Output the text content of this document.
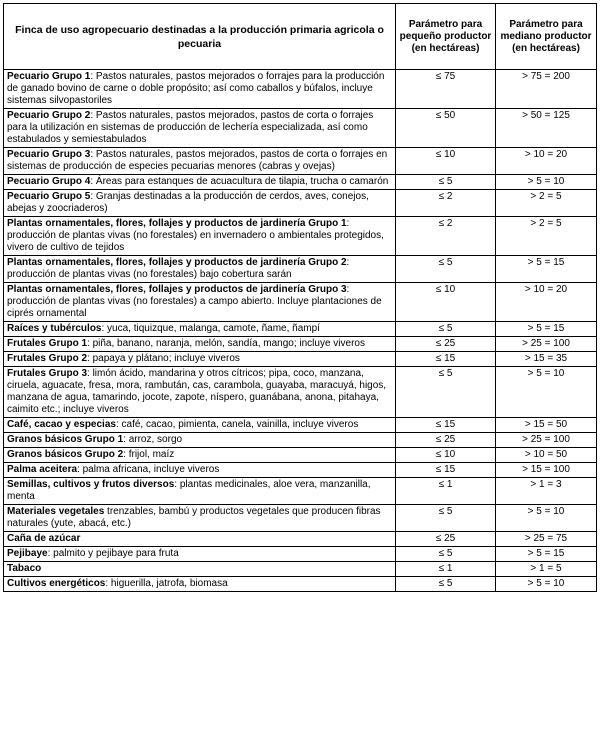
Finca de uso agropecuario destinadas a la producción primaria agricola o pecuaria	Parámetro para pequeño productor (en hectáreas)	Parámetro para mediano productor (en hectáreas)
Pecuario Grupo 1: Pastos naturales, pastos mejorados o forrajes para la producción de ganado bovino de carne o doble propósito; así como caballos y búfalos, incluye sistemas silvopastoriles	≤ 75	> 75 = 200
Pecuario Grupo 2: Pastos naturales, pastos mejorados, pastos de corta o forrajes para la utilización en sistemas de producción de lechería especializada, así como estabulados y semiestabulados	≤ 50	> 50 = 125
Pecuario Grupo 3: Pastos naturales, pastos mejorados, pastos de corta o forrajes en sistemas de producción de especies pecuarias menores (cabras y ovejas)	≤ 10	> 10 = 20
Pecuario Grupo 4: Áreas para estanques de acuacultura de tilapia, trucha o camarón	≤ 5	> 5 = 10
Pecuario Grupo 5: Granjas destinadas a la producción de cerdos, aves, conejos, abejas y zoocriaderos)	≤ 2	> 2 = 5
Plantas ornamentales, flores, follajes y productos de jardinería Grupo 1: producción de plantas vivas (no forestales) en invernadero o ambientales protegidos, vivero de cultivo de tejidos	≤ 2	> 2 = 5
Plantas ornamentales, flores, follajes y productos de jardinería Grupo 2: producción de plantas vivas (no forestales) bajo cobertura sarán	≤ 5	> 5 = 15
Plantas ornamentales, flores, follajes y productos de jardinería Grupo 3: producción de plantas vivas (no forestales) a campo abierto. Incluye plantaciones de ciprés ornamental	≤ 10	> 10 = 20
Raíces y tubérculos: yuca, tiquizque, malanga, camote, ñame, ñampí	≤ 5	> 5 = 15
Frutales Grupo 1: piña, banano, naranja, melón, sandía, mango; incluye viveros	≤ 25	> 25 = 100
Frutales Grupo 2: papaya y plátano; incluye viveros	≤ 15	> 15 = 35
Frutales Grupo 3: limón ácido, mandarina y otros cítricos; pipa, coco, manzana, ciruela, aguacate, fresa, mora, rambután, cas, carambola, guayaba, maracuyá, higos, manzana de agua, tamarindo, jocote, zapote, níspero, guanábana, anona, pitahaya, caimito etc.; incluye viveros	≤ 5	> 5 = 10
Café, cacao y especias: café, cacao, pimienta, canela, vainilla, incluye viveros	≤ 15	> 15 = 50
Granos básicos Grupo 1: arroz, sorgo	≤ 25	> 25 = 100
Granos básicos Grupo 2: frijol, maíz	≤ 10	> 10 = 50
Palma aceitera: palma africana, incluye viveros	≤ 15	> 15 = 100
Semillas, cultivos y frutos diversos: plantas medicinales, aloe vera, manzanilla, menta	≤ 1	> 1 = 3
Materiales vegetales trenzables, bambú y productos vegetales que producen fibras naturales (yute, abacá, etc.)	≤ 5	> 5 = 10
Caña de azúcar	≤ 25	> 25 = 75
Pejibaye: palmito y pejibaye para fruta	≤ 5	> 5 = 15
Tabaco	≤ 1	> 1 = 5
Cultivos energéticos: higuerilla, jatrofa, biomasa	≤ 5	> 5 = 10
